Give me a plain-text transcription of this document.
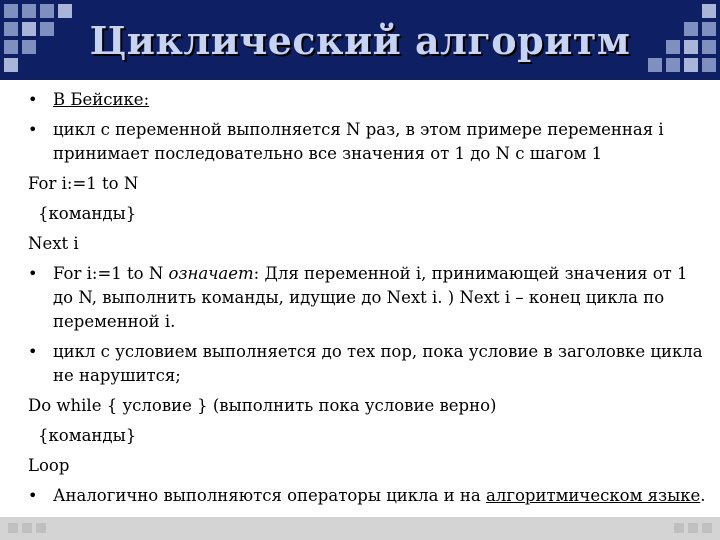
Циклический алгоритм

• В Бейсике:

• цикл с переменной выполняется N раз, в этом примере переменная i принимает последовательно все значения от 1 до N с шагом 1

For i:=1 to N

{команды}

Next i

• For i:=1 to N означает: Для переменной i, принимающей значения от 1 до N, выполнить команды, идущие до Next i. ) Next i – конец цикла по переменной i.

• цикл с условием выполняется до тех пор, пока условие в заголовке цикла не нарушится;

Do while { условие } (выполнить пока условие верно)

{команды}

Loop

• Аналогично выполняются операторы цикла и на алгоритмическом языке.
